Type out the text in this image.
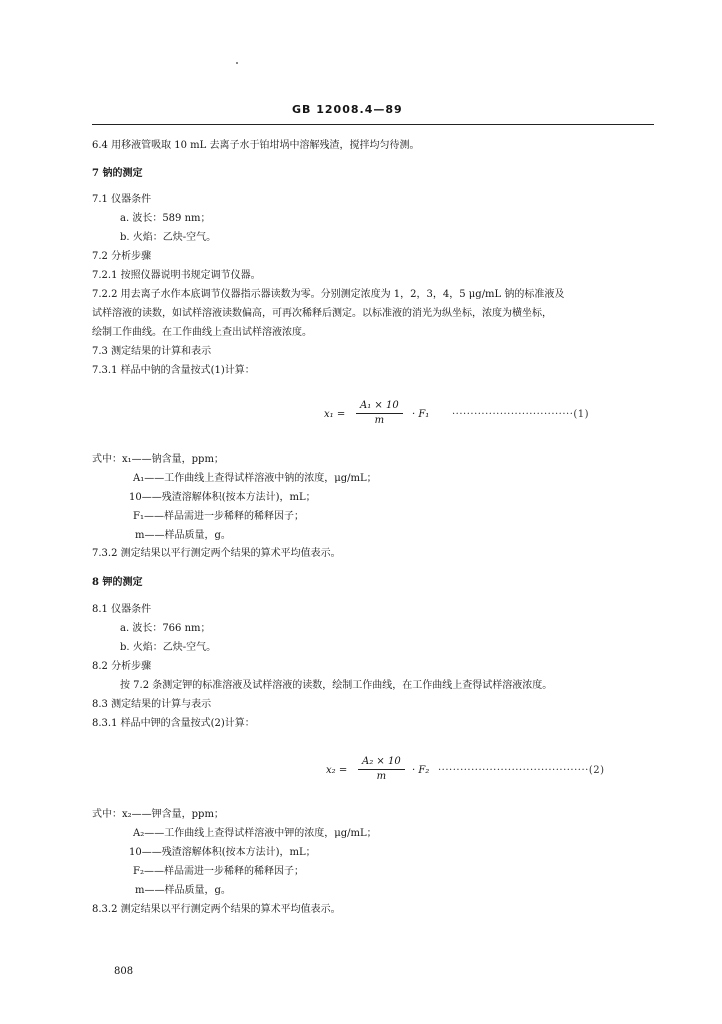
GB 12008.4—89
6.4 用移液管吸取 10 mL 去离子水于铂坩埚中溶解残渣，搅拌均匀待测。
7 钠的测定
7.1 仪器条件
a. 波长：589 nm；
b. 火焰：乙炔-空气。
7.2 分析步骤
7.2.1 按照仪器说明书规定调节仪器。
7.2.2 用去离子水作本底调节仪器指示器读数为零。分别测定浓度为 1，2，3，4，5 μg/mL 钠的标准液及
试样溶液的读数，如试样溶液读数偏高，可再次稀释后测定。以标准液的消光为纵坐标，浓度为横坐标，
绘制工作曲线。在工作曲线上查出试样溶液浓度。
7.3 测定结果的计算和表示
7.3.1 样品中钠的含量按式(1)计算：
$x_1 = \frac{\text{A₁ × 10}}{m} \cdot F_1 \cdot\cdot\cdot\cdot\cdot\cdot\cdot\cdot\cdot\cdot\cdot\cdot\cdot\cdot\cdot\cdot\cdot\cdot\cdot\cdot\cdot\cdot\cdot\cdot\cdot\cdot\cdot\cdot\cdot\cdot\cdot\cdot\cdot(1)$
式中：x₁——钠含量，ppm；
A₁——工作曲线上查得试样溶液中钠的浓度，μg/mL；
10——残渣溶解体积(按本方法计)，mL；
F₁——样品需进一步稀释的稀释因子；
m——样品质量，g。
7.3.2 测定结果以平行测定两个结果的算术平均值表示。
8 钾的测定
8.1 仪器条件
a. 波长：766 nm；
b. 火焰：乙炔-空气。
8.2 分析步骤
按 7.2 条测定钾的标准溶液及试样溶液的读数，绘制工作曲线，在工作曲线上查得试样溶液浓度。
8.3 测定结果的计算与表示
8.3.1 样品中钾的含量按式(2)计算：
$x_2 = \frac{\text{A₂ × 10}}{m} \cdot F_2 \cdot\cdot\cdot\cdot\cdot\cdot\cdot\cdot\cdot\cdot\cdot\cdot\cdot\cdot\cdot\cdot\cdot\cdot\cdot\cdot\cdot\cdot\cdot\cdot\cdot\cdot\cdot\cdot\cdot\cdot\cdot\cdot\cdot\cdot\cdot\cdot\cdot\cdot\cdot\cdot\cdot(2)$
式中：x₂——钾含量，ppm；
A₂——工作曲线上查得试样溶液中钾的浓度，μg/mL；
10——残渣溶解体积(按本方法计)，mL；
F₂——样品需进一步稀释的稀释因子；
m——样品质量，g。
8.3.2 测定结果以平行测定两个结果的算术平均值表示。
808
